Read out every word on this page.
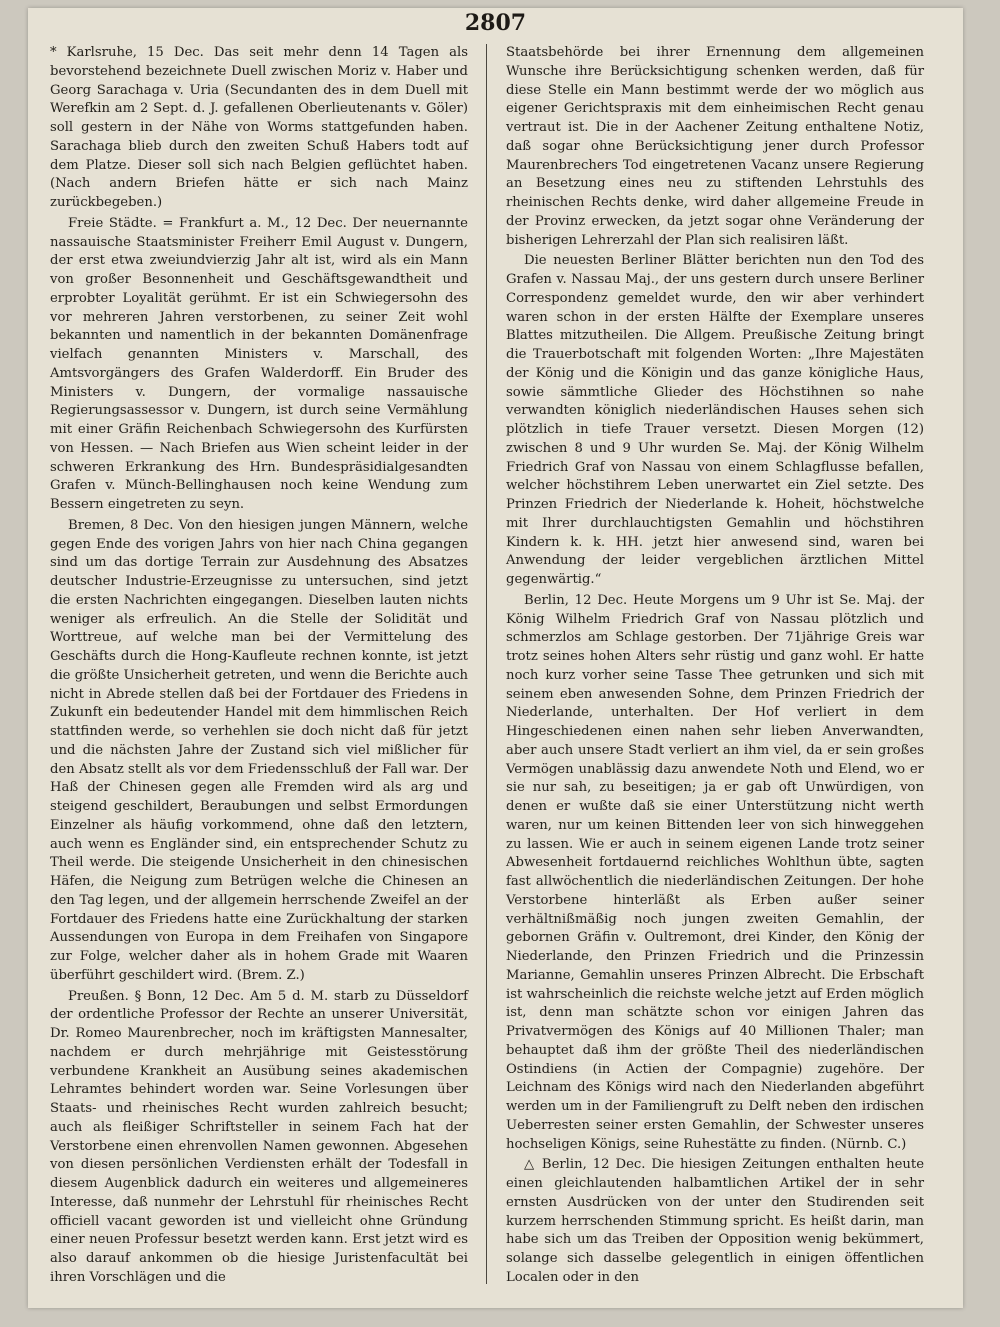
2807

* Karlsruhe, 15 Dec. Das seit mehr denn 14 Tagen als bevorstehend bezeichnete Duell zwischen Moriz v. Haber und Georg Sarachaga v. Uria (Secundanten des in dem Duell mit Werefkin am 2 Sept. d. J. gefallenen Oberlieutenants v. Göler) soll gestern in der Nähe von Worms stattgefunden haben. Sarachaga blieb durch den zweiten Schuß Habers todt auf dem Platze. Dieser soll sich nach Belgien geflüchtet haben. (Nach andern Briefen hätte er sich nach Mainz zurückbegeben.)

Freie Städte. = Frankfurt a. M., 12 Dec. Der neuernannte nassauische Staatsminister Freiherr Emil August v. Dungern, der erst etwa zweiundvierzig Jahr alt ist, wird als ein Mann von großer Besonnenheit und Geschäftsgewandtheit und erprobter Loyalität gerühmt. Er ist ein Schwiegersohn des vor mehreren Jahren verstorbenen, zu seiner Zeit wohl bekannten und namentlich in der bekannten Domänenfrage vielfach genannten Ministers v. Marschall, des Amtsvorgängers des Grafen Walderdorff. Ein Bruder des Ministers v. Dungern, der vormalige nassauische Regierungsassessor v. Dungern, ist durch seine Vermählung mit einer Gräfin Reichenbach Schwiegersohn des Kurfürsten von Hessen. — Nach Briefen aus Wien scheint leider in der schweren Erkrankung des Hrn. Bundespräsidialgesandten Grafen v. Münch-Bellinghausen noch keine Wendung zum Bessern eingetreten zu seyn.

Bremen, 8 Dec. Von den hiesigen jungen Männern, welche gegen Ende des vorigen Jahrs von hier nach China gegangen sind um das dortige Terrain zur Ausdehnung des Absatzes deutscher Industrie-Erzeugnisse zu untersuchen, sind jetzt die ersten Nachrichten eingegangen. Dieselben lauten nichts weniger als erfreulich. An die Stelle der Solidität und Worttreue, auf welche man bei der Vermittelung des Geschäfts durch die Hong-Kaufleute rechnen konnte, ist jetzt die größte Unsicherheit getreten, und wenn die Berichte auch nicht in Abrede stellen daß bei der Fortdauer des Friedens in Zukunft ein bedeutender Handel mit dem himmlischen Reich stattfinden werde, so verhehlen sie doch nicht daß für jetzt und die nächsten Jahre der Zustand sich viel mißlicher für den Absatz stellt als vor dem Friedensschluß der Fall war. Der Haß der Chinesen gegen alle Fremden wird als arg und steigend geschildert, Beraubungen und selbst Ermordungen Einzelner als häufig vorkommend, ohne daß den letztern, auch wenn es Engländer sind, ein entsprechender Schutz zu Theil werde. Die steigende Unsicherheit in den chinesischen Häfen, die Neigung zum Betrügen welche die Chinesen an den Tag legen, und der allgemein herrschende Zweifel an der Fortdauer des Friedens hatte eine Zurückhaltung der starken Aussendungen von Europa in dem Freihafen von Singapore zur Folge, welcher daher als in hohem Grade mit Waaren überführt geschildert wird. (Brem. Z.)

Preußen. § Bonn, 12 Dec. Am 5 d. M. starb zu Düsseldorf der ordentliche Professor der Rechte an unserer Universität, Dr. Romeo Maurenbrecher, noch im kräftigsten Mannesalter, nachdem er durch mehrjährige mit Geistesstörung verbundene Krankheit an Ausübung seines akademischen Lehramtes behindert worden war. Seine Vorlesungen über Staats- und rheinisches Recht wurden zahlreich besucht; auch als fleißiger Schriftsteller in seinem Fach hat der Verstorbene einen ehrenvollen Namen gewonnen. Abgesehen von diesen persönlichen Verdiensten erhält der Todesfall in diesem Augenblick dadurch ein weiteres und allgemeineres Interesse, daß nunmehr der Lehrstuhl für rheinisches Recht officiell vacant geworden ist und vielleicht ohne Gründung einer neuen Professur besetzt werden kann. Erst jetzt wird es also darauf ankommen ob die hiesige Juristenfacultät bei ihren Vorschlägen und die

Staatsbehörde bei ihrer Ernennung dem allgemeinen Wunsche ihre Berücksichtigung schenken werden, daß für diese Stelle ein Mann bestimmt werde der wo möglich aus eigener Gerichtspraxis mit dem einheimischen Recht genau vertraut ist. Die in der Aachener Zeitung enthaltene Notiz, daß sogar ohne Berücksichtigung jener durch Professor Maurenbrechers Tod eingetretenen Vacanz unsere Regierung an Besetzung eines neu zu stiftenden Lehrstuhls des rheinischen Rechts denke, wird daher allgemeine Freude in der Provinz erwecken, da jetzt sogar ohne Veränderung der bisherigen Lehrerzahl der Plan sich realisiren läßt.

Die neuesten Berliner Blätter berichten nun den Tod des Grafen v. Nassau Maj., der uns gestern durch unsere Berliner Correspondenz gemeldet wurde, den wir aber verhindert waren schon in der ersten Hälfte der Exemplare unseres Blattes mitzutheilen. Die Allgem. Preußische Zeitung bringt die Trauerbotschaft mit folgenden Worten: „Ihre Majestäten der König und die Königin und das ganze königliche Haus, sowie sämmtliche Glieder des Höchstihnen so nahe verwandten königlich niederländischen Hauses sehen sich plötzlich in tiefe Trauer versetzt. Diesen Morgen (12) zwischen 8 und 9 Uhr wurden Se. Maj. der König Wilhelm Friedrich Graf von Nassau von einem Schlagflusse befallen, welcher höchstihrem Leben unerwartet ein Ziel setzte. Des Prinzen Friedrich der Niederlande k. Hoheit, höchstwelche mit Ihrer durchlauchtigsten Gemahlin und höchstihren Kindern k. k. HH. jetzt hier anwesend sind, waren bei Anwendung der leider vergeblichen ärztlichen Mittel gegenwärtig.“

Berlin, 12 Dec. Heute Morgens um 9 Uhr ist Se. Maj. der König Wilhelm Friedrich Graf von Nassau plötzlich und schmerzlos am Schlage gestorben. Der 71jährige Greis war trotz seines hohen Alters sehr rüstig und ganz wohl. Er hatte noch kurz vorher seine Tasse Thee getrunken und sich mit seinem eben anwesenden Sohne, dem Prinzen Friedrich der Niederlande, unterhalten. Der Hof verliert in dem Hingeschiedenen einen nahen sehr lieben Anverwandten, aber auch unsere Stadt verliert an ihm viel, da er sein großes Vermögen unablässig dazu anwendete Noth und Elend, wo er sie nur sah, zu beseitigen; ja er gab oft Unwürdigen, von denen er wußte daß sie einer Unterstützung nicht werth waren, nur um keinen Bittenden leer von sich hinweggehen zu lassen. Wie er auch in seinem eigenen Lande trotz seiner Abwesenheit fortdauernd reichliches Wohlthun übte, sagten fast allwöchentlich die niederländischen Zeitungen. Der hohe Verstorbene hinterläßt als Erben außer seiner verhältnißmäßig noch jungen zweiten Gemahlin, der gebornen Gräfin v. Oultremont, drei Kinder, den König der Niederlande, den Prinzen Friedrich und die Prinzessin Marianne, Gemahlin unseres Prinzen Albrecht. Die Erbschaft ist wahrscheinlich die reichste welche jetzt auf Erden möglich ist, denn man schätzte schon vor einigen Jahren das Privatvermögen des Königs auf 40 Millionen Thaler; man behauptet daß ihm der größte Theil des niederländischen Ostindiens (in Actien der Compagnie) zugehöre. Der Leichnam des Königs wird nach den Niederlanden abgeführt werden um in der Familiengruft zu Delft neben den irdischen Ueberresten seiner ersten Gemahlin, der Schwester unseres hochseligen Königs, seine Ruhestätte zu finden. (Nürnb. C.)

△ Berlin, 12 Dec. Die hiesigen Zeitungen enthalten heute einen gleichlautenden halbamtlichen Artikel der in sehr ernsten Ausdrücken von der unter den Studirenden seit kurzem herrschenden Stimmung spricht. Es heißt darin, man habe sich um das Treiben der Opposition wenig bekümmert, solange sich dasselbe gelegentlich in einigen öffentlichen Localen oder in den
